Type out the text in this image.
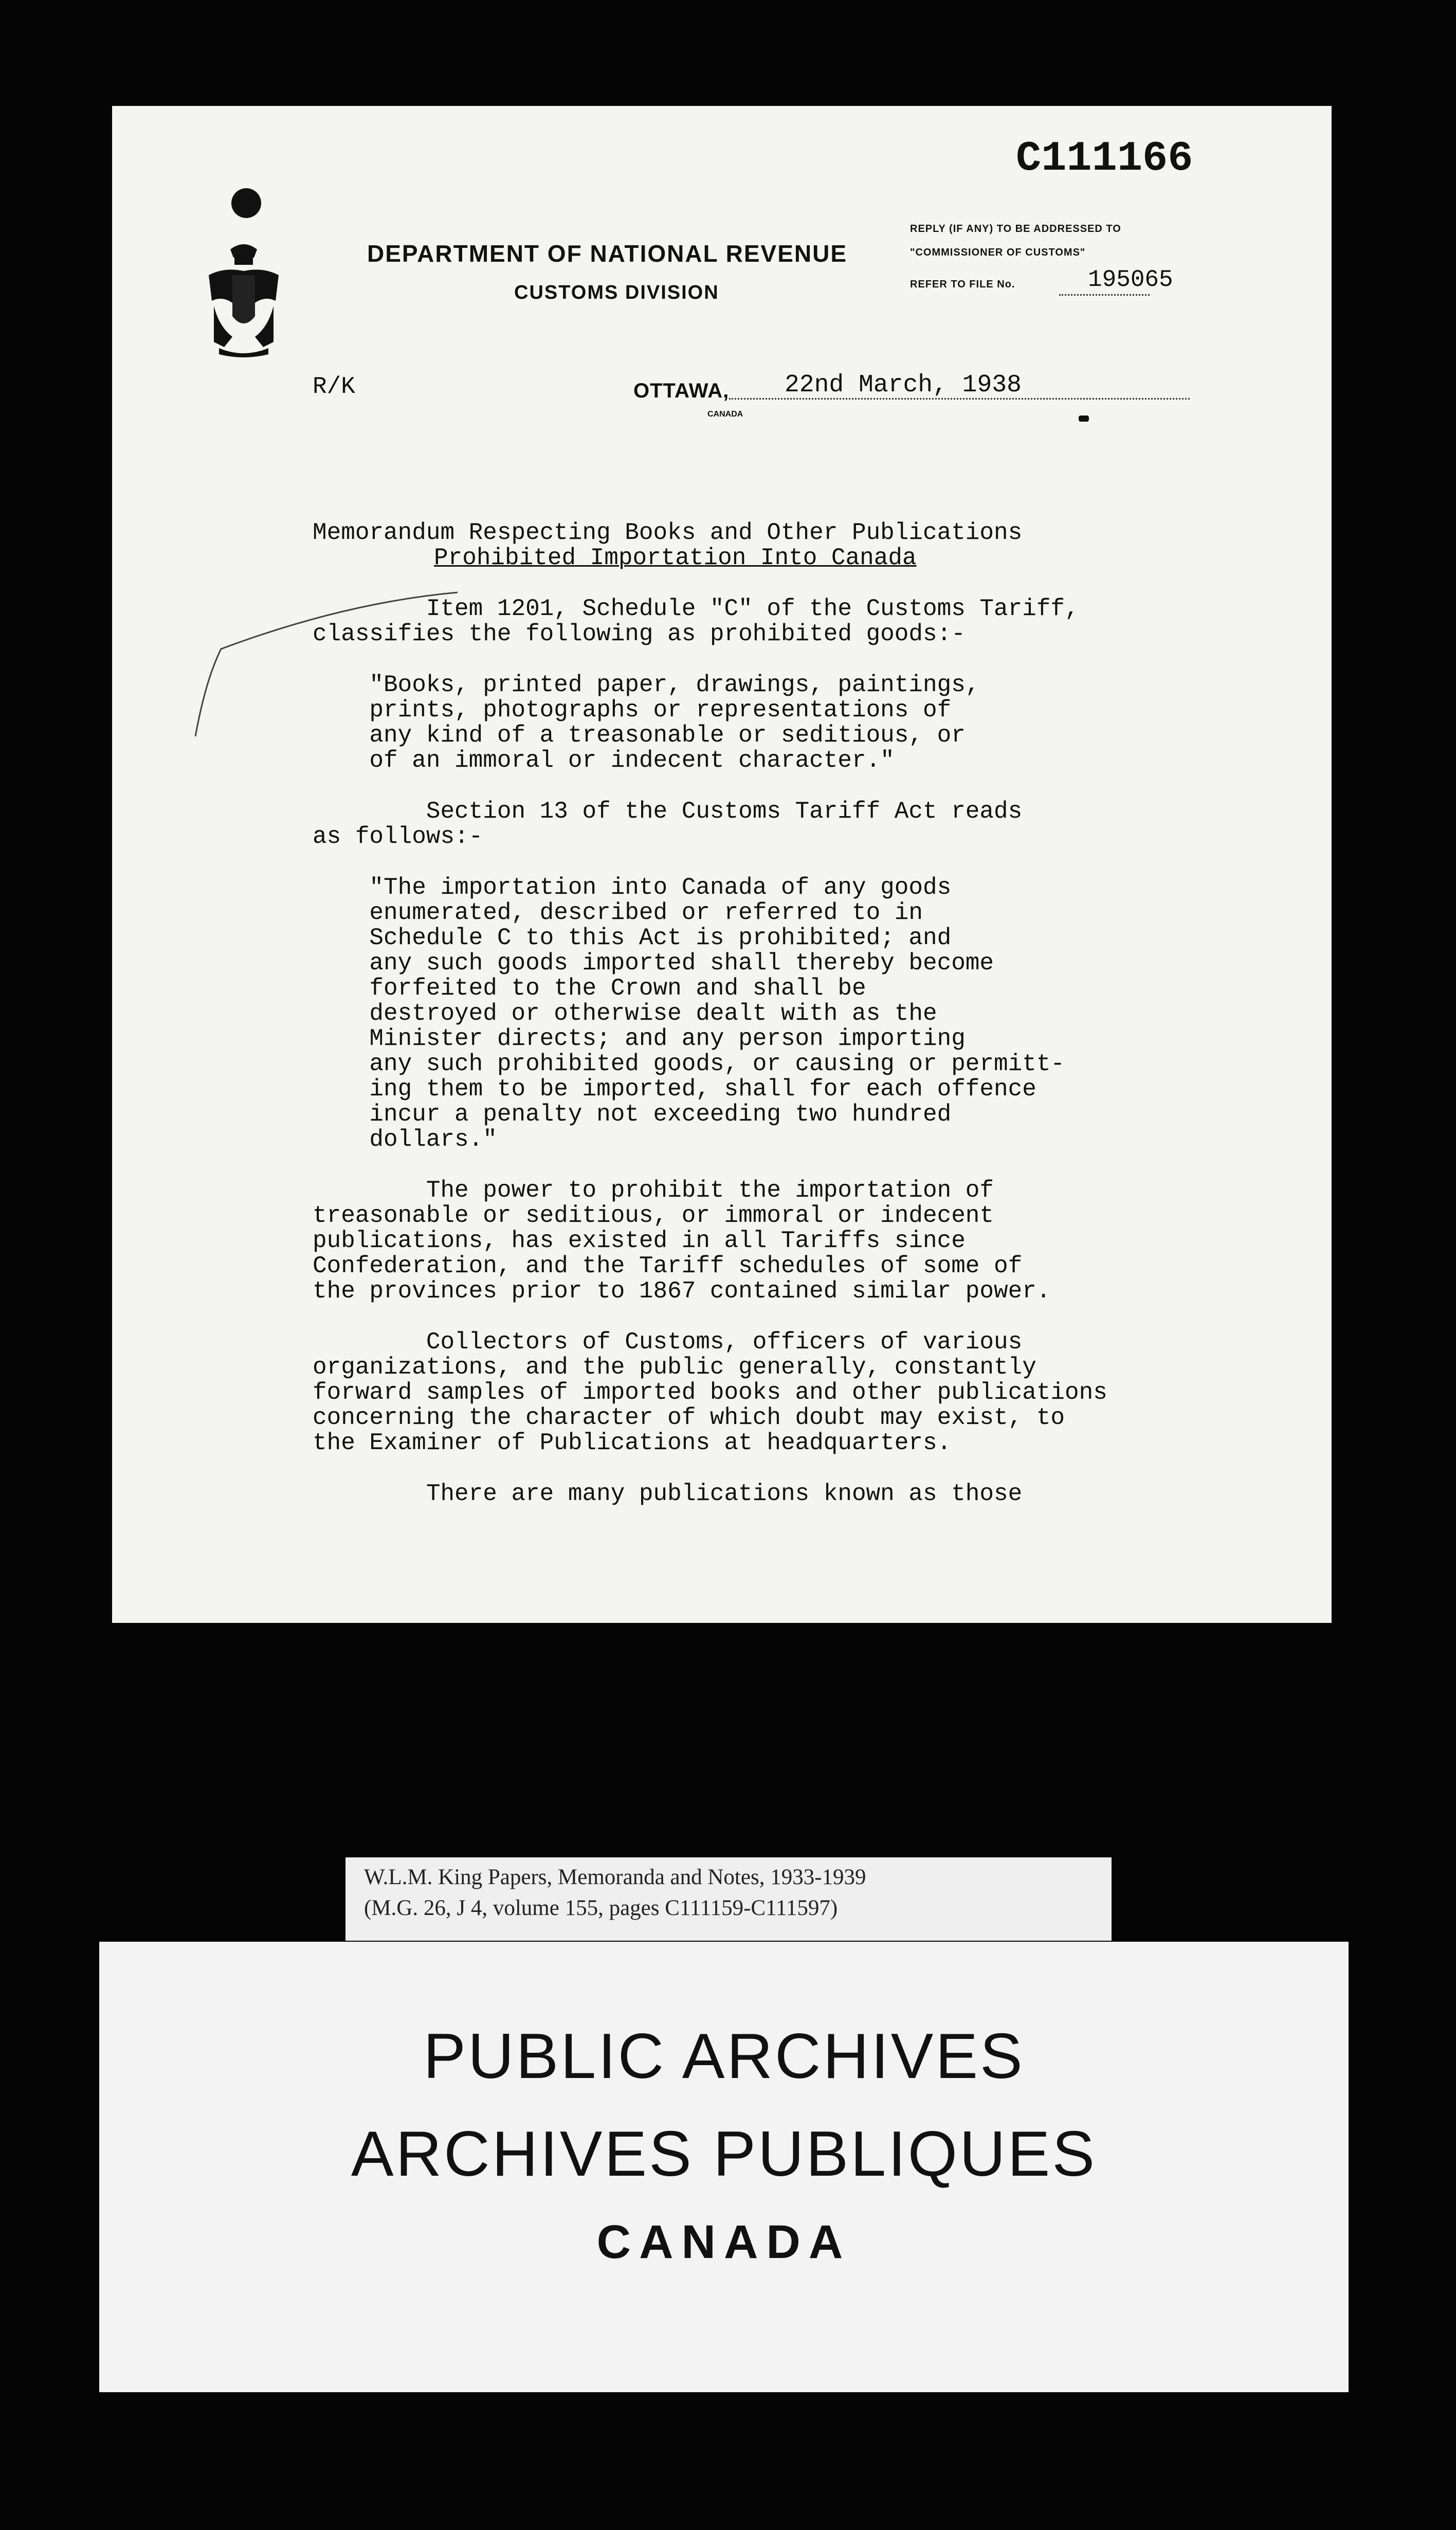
DEPARTMENT OF NATIONAL REVENUE
CUSTOMS DIVISION
C111166
REPLY (IF ANY) TO BE ADDRESSED TO
"COMMISSIONER OF CUSTOMS"
REFER TO FILE No.	195065
R/K	OTTAWA,
CANADA
22nd March, 1938

Memorandum Respecting Books and Other Publications

Prohibited Importation Into Canada

Item 1201, Schedule "C" of the Customs Tariff,
classifies the following as prohibited goods:-

"Books, printed paper, drawings, paintings,
prints, photographs or representations of
any kind of a treasonable or seditious, or
of an immoral or indecent character."

Section 13 of the Customs Tariff Act reads
as follows:-

"The importation into Canada of any goods
enumerated, described or referred to in
Schedule C to this Act is prohibited; and
any such goods imported shall thereby become
forfeited to the Crown and shall be
destroyed or otherwise dealt with as the
Minister directs; and any person importing
any such prohibited goods, or causing or permitt-
ing them to be imported, shall for each offence
incur a penalty not exceeding two hundred
dollars."

The power to prohibit the importation of
treasonable or seditious, or immoral or indecent
publications, has existed in all Tariffs since
Confederation, and the Tariff schedules of some of
the provinces prior to 1867 contained similar power.

Collectors of Customs, officers of various
organizations, and the public generally, constantly
forward samples of imported books and other publications
concerning the character of which doubt may exist, to
the Examiner of Publications at headquarters.

There are many publications known as those

W.L.M. King Papers, Memoranda and Notes, 1933-1939

(M.G. 26, J 4, volume 155, pages C111159-C111597)

PUBLIC ARCHIVES
ARCHIVES PUBLIQUES
CANADA
